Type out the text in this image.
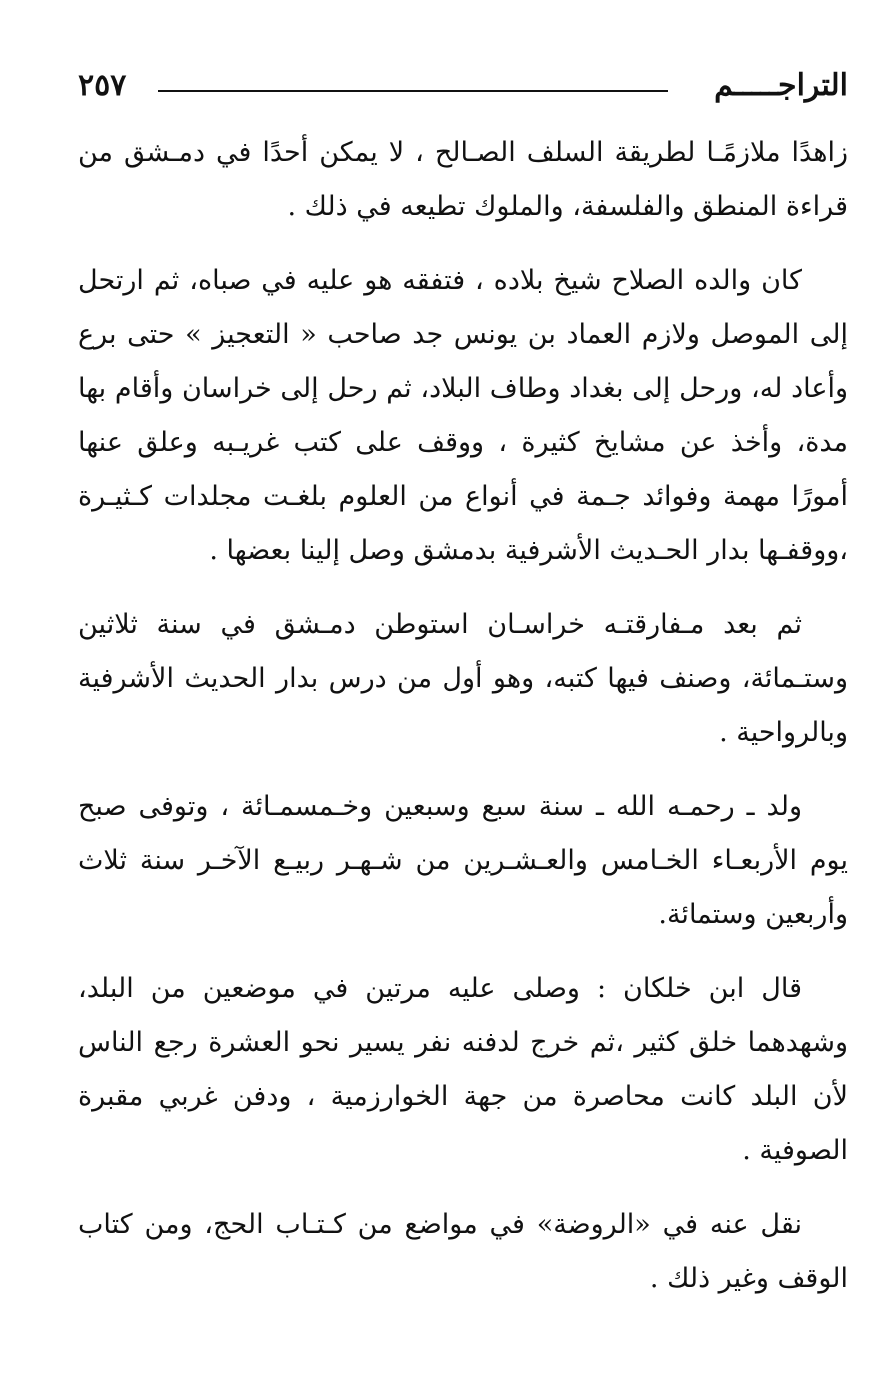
التراجـــــم
٢٥٧

زاهدًا ملازمًـا لطريقة السلف الصـالح ، لا يمكن أحدًا في دمـشق من قراءة المنطق والفلسفة، والملوك تطيعه في ذلك .

كان والده الصلاح شيخ بلاده ، فتفقه هو عليه في صباه، ثم ارتحل إلى الموصل ولازم العماد بن يونس جد صاحب « التعجيز » حتى برع وأعاد له، ورحل إلى بغداد وطاف البلاد، ثم رحل إلى خراسان وأقام بها مدة، وأخذ عن مشايخ كثيرة ، ووقف على كتب غريـبه وعلق عنها أمورًا مهمة وفوائد جـمة في أنواع من العلوم بلغـت مجلدات كـثيـرة ،ووقفـها بدار الحـديث الأشرفية بدمشق وصل إلينا بعضها .

ثم بعد مـفارقتـه خراسـان استوطن دمـشق في سنة ثلاثين وستـمائة، وصنف فيها كتبه، وهو أول من درس بدار الحديث الأشرفية وبالرواحية .

ولد ـ رحمـه الله ـ سنة سبع وسبعين وخـمسمـائة ، وتوفى صبح يوم الأربعـاء الخـامس والعـشـرين من شـهـر ربيـع الآخـر سنة ثلاث وأربعين وستمائة.

قال ابن خلكان : وصلى عليه مرتين في موضعين من البلد، وشهدهما خلق كثير ،ثم خرج لدفنه نفر يسير نحو العشرة رجع الناس لأن البلد كانت محاصرة من جهة الخوارزمية ، ودفن غربي مقبرة الصوفية .

نقل عنه في «الروضة» في مواضع من كـتـاب الحج، ومن كتاب الوقف وغير ذلك .
